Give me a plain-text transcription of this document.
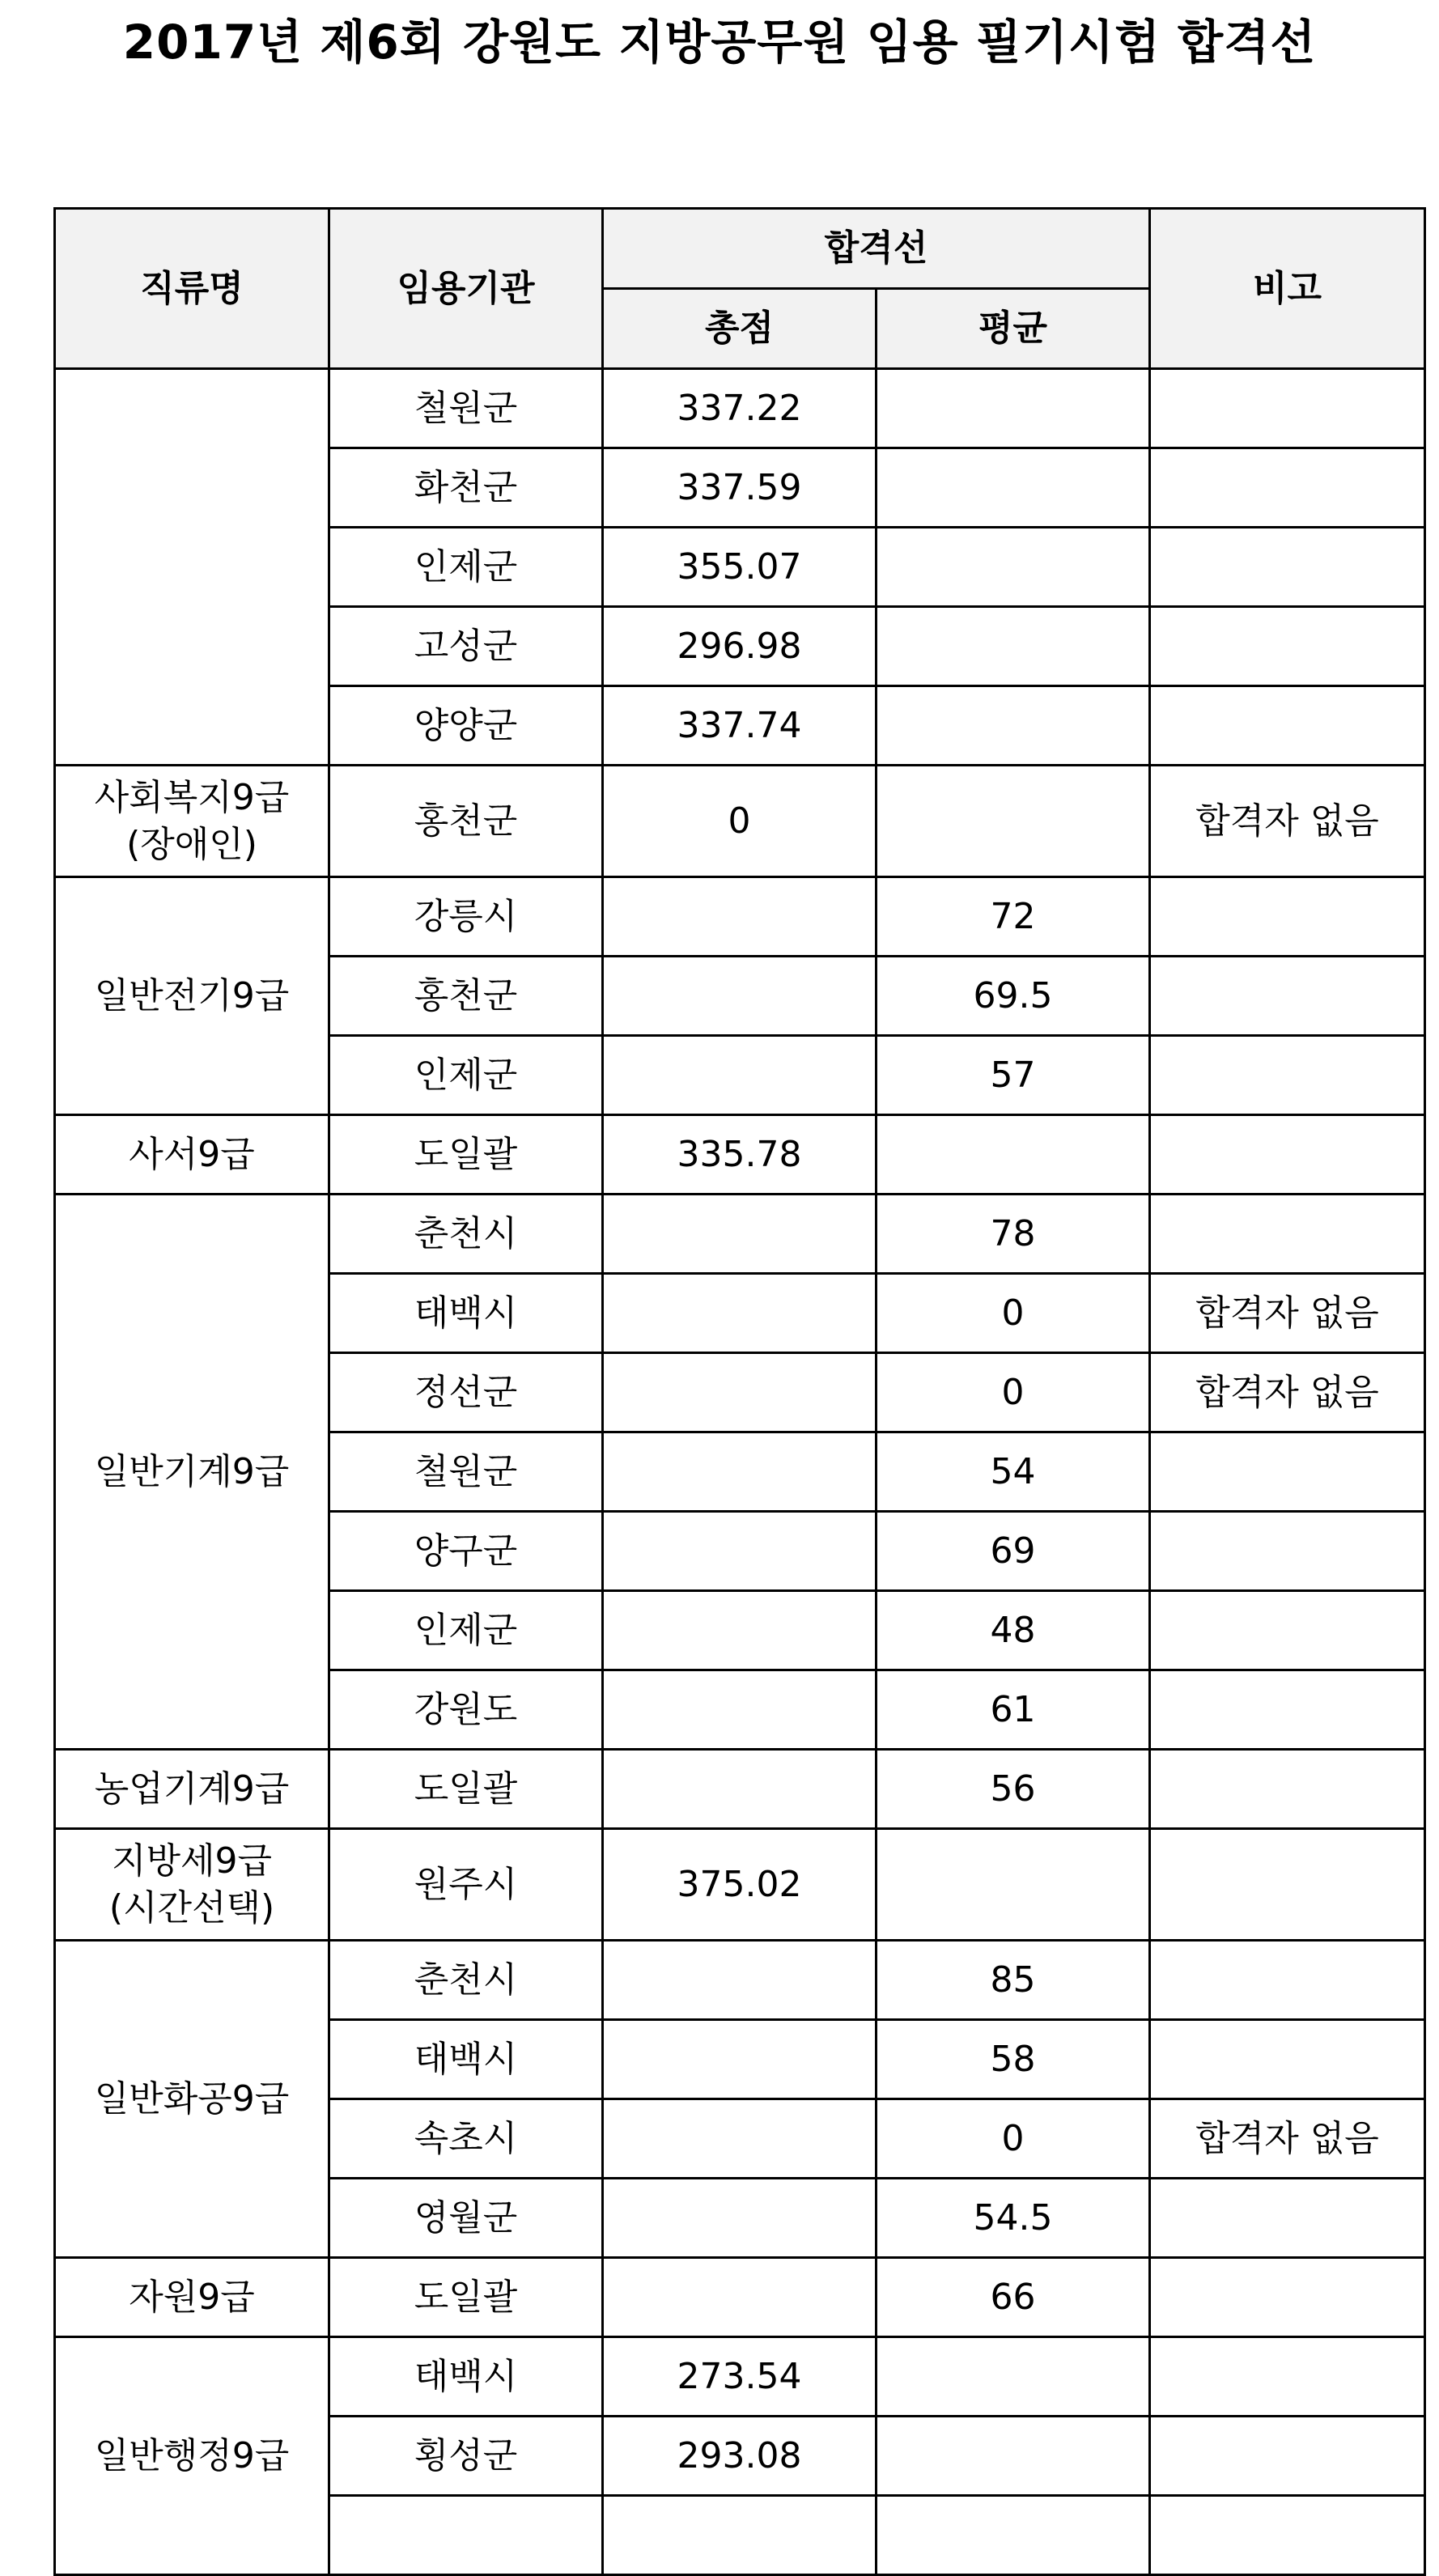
2017년 제6회 강원도 지방공무원 임용 필기시험 합격선
직류명	임용기관	합격선		비고
		총점	평균	

	철원군	337.22		
	화천군	337.59		
	인제군	355.07		
	고성군	296.98		
	양양군	337.74		

사회복지9급
(장애인)	홍천군	0		합격자 없음

일반전기9급	강릉시		72	
	홍천군		69.5	
	인제군		57	

사서9급	도일괄	335.78		

일반기계9급	춘천시		78	
	태백시		0	합격자 없음
	정선군		0	합격자 없음
	철원군		54	
	양구군		69	
	인제군		48	
	강원도		61	

농업기계9급	도일괄		56	

지방세9급
(시간선택)	원주시	375.02		

일반화공9급	춘천시		85	
	태백시		58	
	속초시		0	합격자 없음
	영월군		54.5	

자원9급	도일괄		66	

일반행정9급	태백시	273.54		
	횡성군	293.08		
